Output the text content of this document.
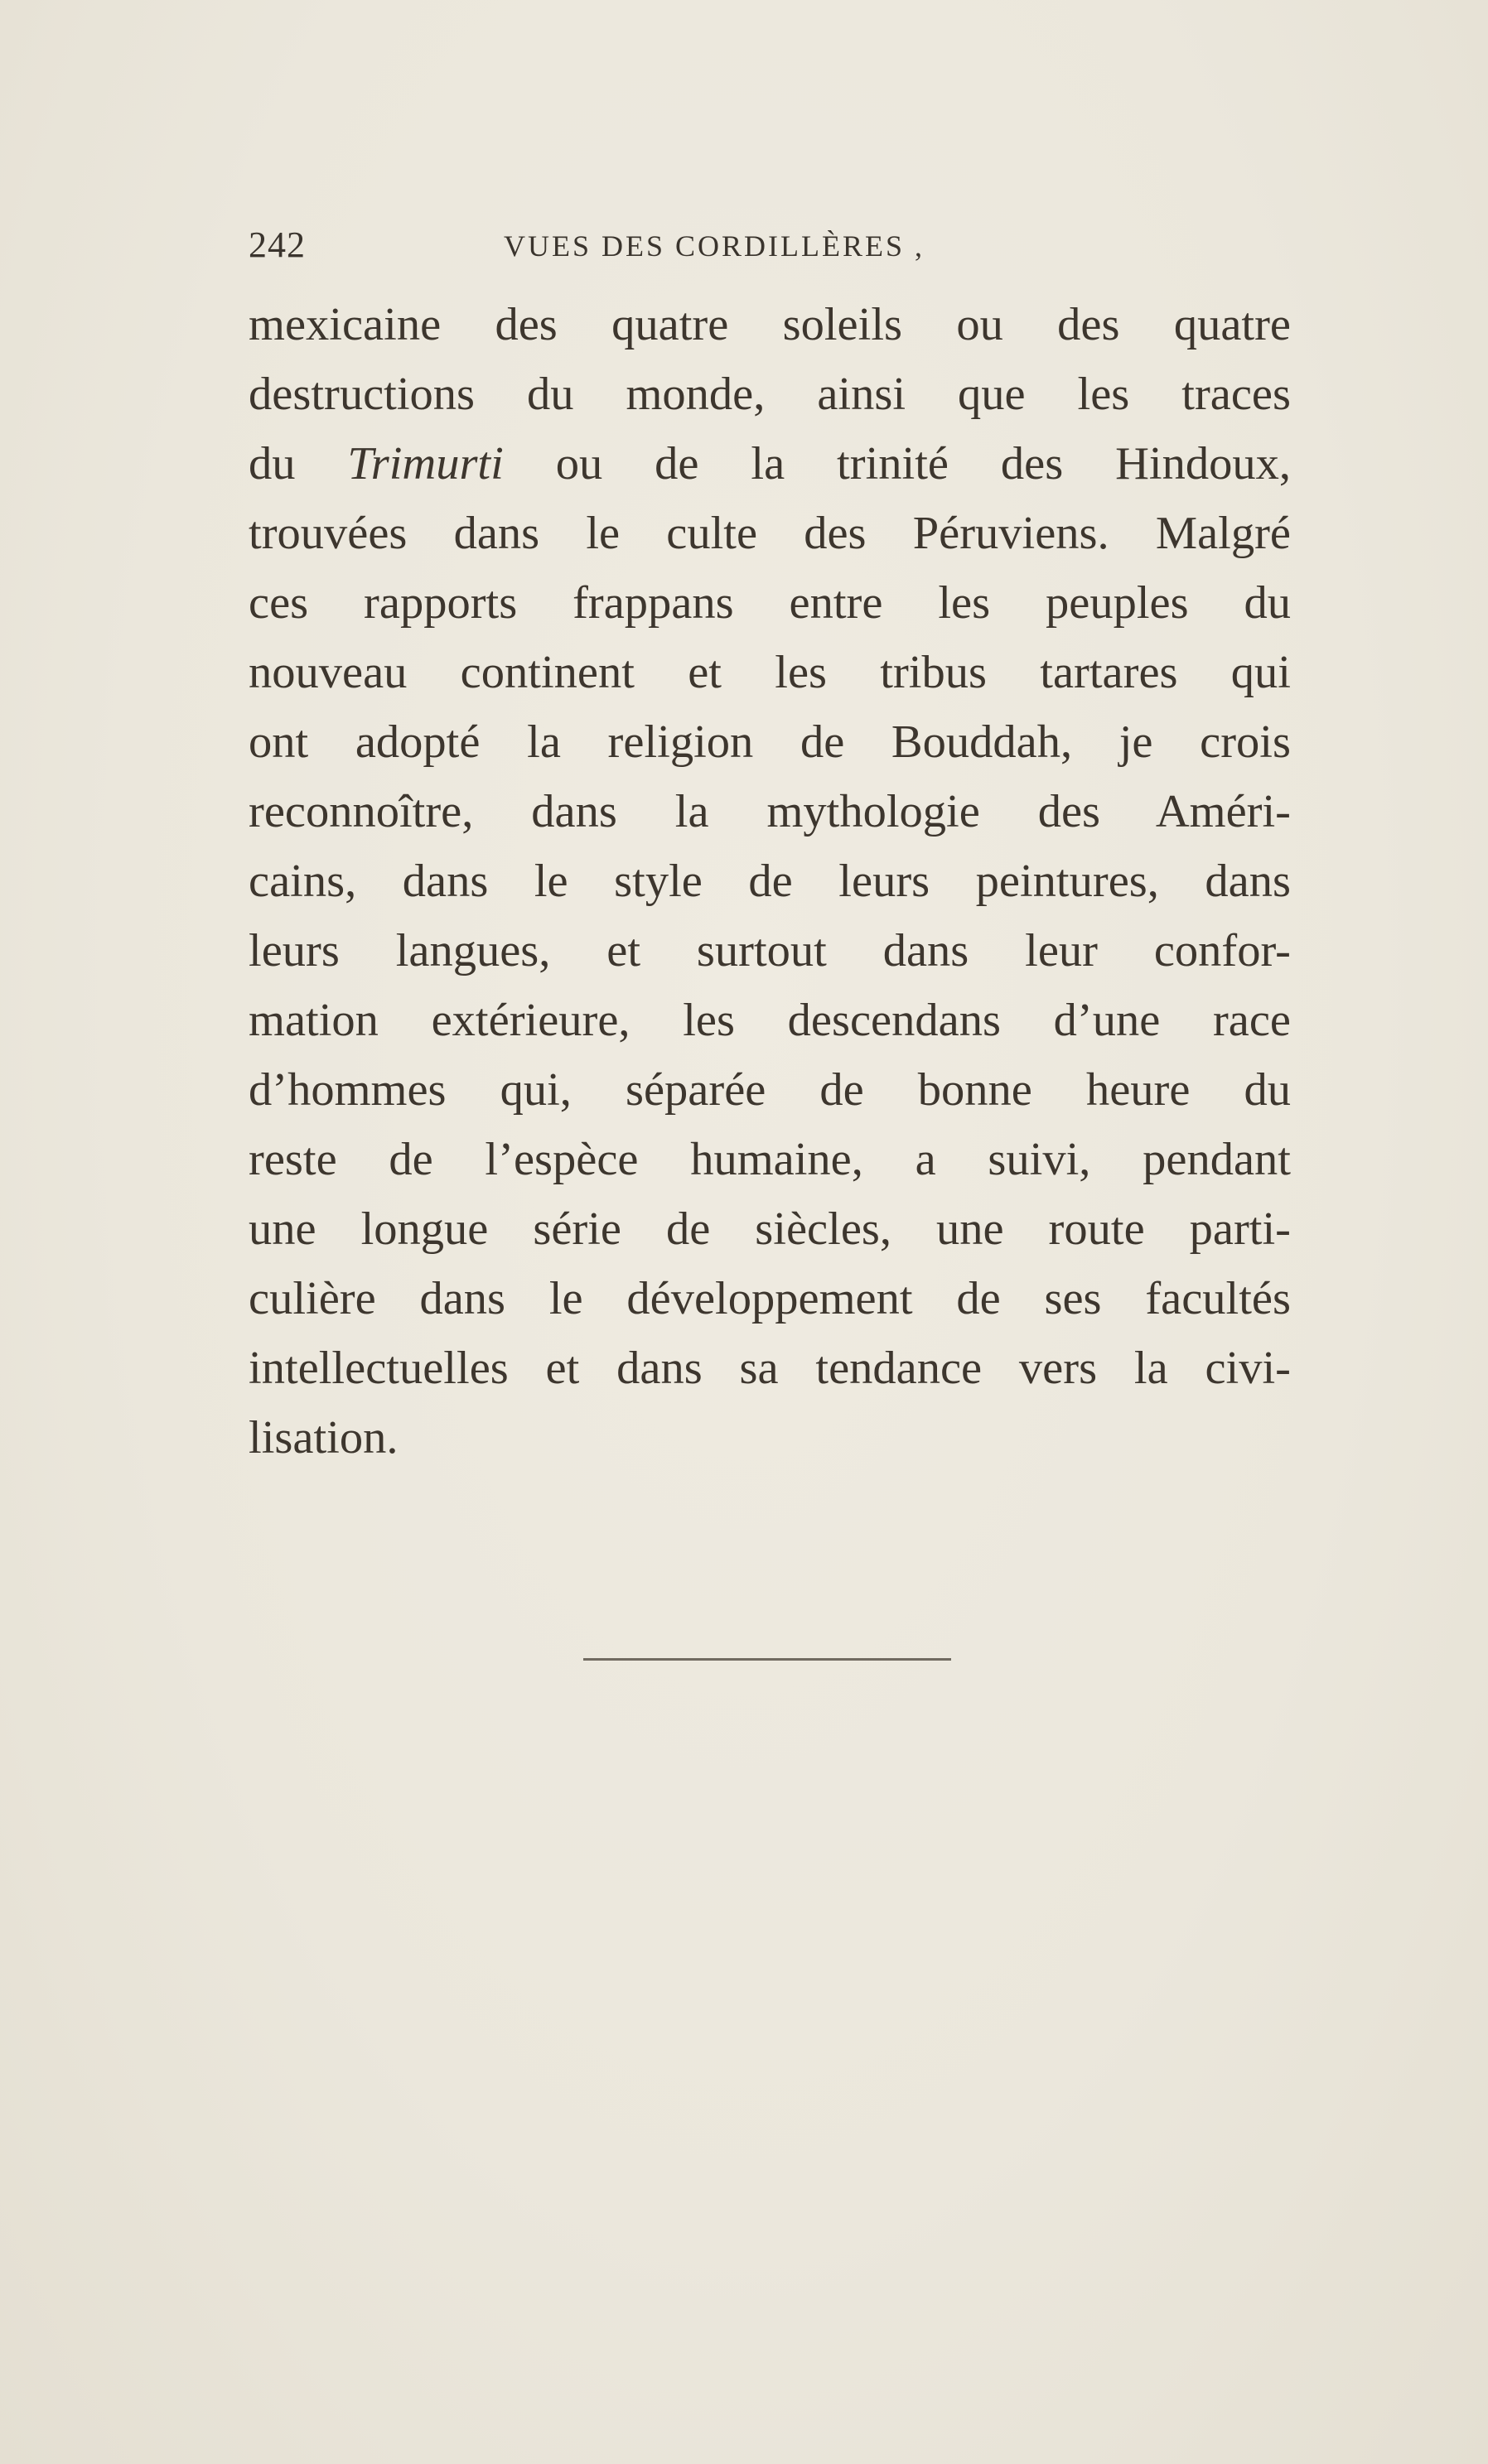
242	VUES DES CORDILLÈRES ,
mexicaine des quatre soleils ou des quatre
destructions du monde, ainsi que les traces
du Trimurti ou de la trinité des Hindoux,
trouvées dans le culte des Péruviens. Malgré
ces rapports frappans entre les peuples du
nouveau continent et les tribus tartares qui
ont adopté la religion de Bouddah, je crois
reconnoître, dans la mythologie des Améri-
cains, dans le style de leurs peintures, dans
leurs langues, et surtout dans leur confor-
mation extérieure, les descendans d’une race
d’hommes qui, séparée de bonne heure du
reste de l’espèce humaine, a suivi, pendant
une longue série de siècles, une route parti-
culière dans le développement de ses facultés
intellectuelles et dans sa tendance vers la civi-
lisation.
